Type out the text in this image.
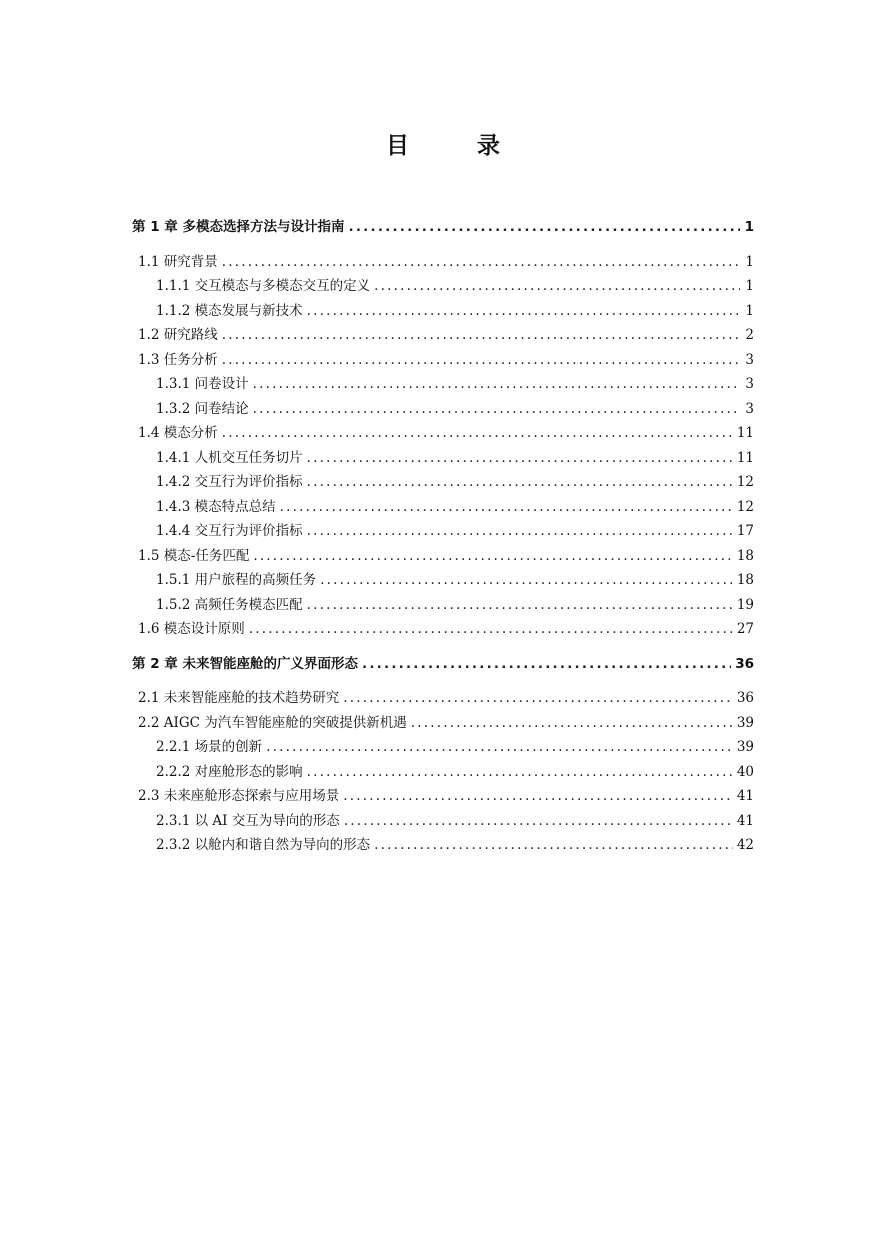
目 录
第 1 章 多模态选择方法与设计指南 .....	1
1.1 研究背景 .....	1
1.1.1 交互模态与多模态交互的定义 .....	1
1.1.2 模态发展与新技术 .....	1
1.2 研究路线 .....	2
1.3 任务分析 .....	3
1.3.1 问卷设计 .....	3
1.3.2 问卷结论 .....	3
1.4 模态分析 .....	11
1.4.1 人机交互任务切片 .....	11
1.4.2 交互行为评价指标 .....	12
1.4.3 模态特点总结 .....	12
1.4.4 交互行为评价指标 .....	17
1.5 模态-任务匹配 .....	18
1.5.1 用户旅程的高频任务 .....	18
1.5.2 高频任务模态匹配 .....	19
1.6 模态设计原则 .....	27
第 2 章 未来智能座舱的广义界面形态 .....	36
2.1 未来智能座舱的技术趋势研究 .....	36
2.2 AIGC 为汽车智能座舱的突破提供新机遇 .....	39
2.2.1 场景的创新 .....	39
2.2.2 对座舱形态的影响 .....	40
2.3 未来座舱形态探索与应用场景 .....	41
2.3.1 以 AI 交互为导向的形态 .....	41
2.3.2 以舱内和谐自然为导向的形态 .....	42
